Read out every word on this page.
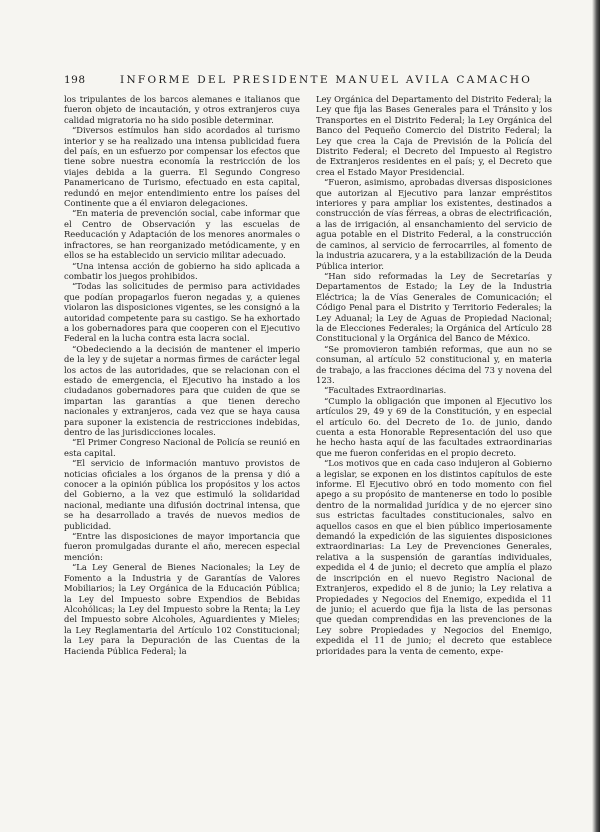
198	INFORME DEL PRESIDENTE MANUEL AVILA CAMACHO

los tripulantes de los barcos alemanes e italianos que fueron objeto de incautación, y otros extranjeros cuya calidad migratoria no ha sido posible determinar.

“Diversos estímulos han sido acordados al turismo interior y se ha realizado una intensa publicidad fuera del país, en un esfuerzo por compensar los efectos que tiene sobre nuestra economía la restricción de los viajes debida a la guerra. El Segundo Congreso Panamericano de Turismo, efectuado en esta capital, redundó en mejor entendimiento entre los países del Continente que a él enviaron delegaciones.

“En materia de prevención social, cabe informar que el Centro de Observación y las escuelas de Reeducación y Adaptación de los menores anormales o infractores, se han reorganizado metódicamente, y en ellos se ha establecido un servicio militar adecuado.

“Una intensa acción de gobierno ha sido aplicada a combatir los juegos prohibidos.

“Todas las solicitudes de permiso para actividades que podían propagarlos fueron negadas y, a quienes violaron las disposiciones vigentes, se les consignó a la autoridad competente para su castigo. Se ha exhortado a los gobernadores para que cooperen con el Ejecutivo Federal en la lucha contra esta lacra social.

“Obedeciendo a la decisión de mantener el imperio de la ley y de sujetar a normas firmes de carácter legal los actos de las autoridades, que se relacionan con el estado de emergencia, el Ejecutivo ha instado a los ciudadanos gobernadores para que cuiden de que se impartan las garantías a que tienen derecho nacionales y extranjeros, cada vez que se haya causa para suponer la existencia de restricciones indebidas, dentro de las jurisdicciones locales.

“El Primer Congreso Nacional de Policía se reunió en esta capital.

“El servicio de información mantuvo provistos de noticias oficiales a los órganos de la prensa y dió a conocer a la opinión pública los propósitos y los actos del Gobierno, a la vez que estimuló la solidaridad nacional, mediante una difusión doctrinal intensa, que se ha desarrollado a través de nuevos medios de publicidad.

“Entre las disposiciones de mayor importancia que fueron promulgadas durante el año, merecen especial mención:

“La Ley General de Bienes Nacionales; la Ley de Fomento a la Industria y de Garantías de Valores Mobiliarios; la Ley Orgánica de la Educación Pública; la Ley del Impuesto sobre Expendios de Bebidas Alcohólicas; la Ley del Impuesto sobre la Renta; la Ley del Impuesto sobre Alcoholes, Aguardientes y Mieles; la Ley Reglamentaria del Artículo 102 Constitucional; la Ley para la Depuración de las Cuentas de la Hacienda Pública Federal; la

Ley Orgánica del Departamento del Distrito Federal; la Ley que fija las Bases Generales para el Tránsito y los Transportes en el Distrito Federal; la Ley Orgánica del Banco del Pequeño Comercio del Distrito Federal; la Ley que crea la Caja de Previsión de la Policía del Distrito Federal; el Decreto del Impuesto al Registro de Extranjeros residentes en el país; y, el Decreto que crea el Estado Mayor Presidencial.

“Fueron, asimismo, aprobadas diversas disposiciones que autorizan al Ejecutivo para lanzar empréstitos interiores y para ampliar los existentes, destinados a construcción de vías férreas, a obras de electrificación, a las de irrigación, al ensanchamiento del servicio de agua potable en el Distrito Federal, a la construcción de caminos, al servicio de ferrocarriles, al fomento de la industria azucarera, y a la estabilización de la Deuda Pública interior.

“Han sido reformadas la Ley de Secretarías y Departamentos de Estado; la Ley de la Industria Eléctrica; la de Vías Generales de Comunicación; el Código Penal para el Distrito y Territorio Federales; la Ley Aduanal; la Ley de Aguas de Propiedad Nacional; la de Elecciones Federales; la Orgánica del Artículo 28 Constitucional y la Orgánica del Banco de México.

“Se promovieron también reformas, que aun no se consuman, al artículo 52 constitucional y, en materia de trabajo, a las fracciones décima del 73 y novena del 123.

“Facultades Extraordinarias.

“Cumplo la obligación que imponen al Ejecutivo los artículos 29, 49 y 69 de la Constitución, y en especial el artículo 6o. del Decreto de 1o. de junio, dando cuenta a esta Honorable Representación del uso que he hecho hasta aquí de las facultades extraordinarias que me fueron conferidas en el propio decreto.

“Los motivos que en cada caso indujeron al Gobierno a legislar, se exponen en los distintos capítulos de este informe. El Ejecutivo obró en todo momento con fiel apego a su propósito de mantenerse en todo lo posible dentro de la normalidad jurídica y de no ejercer sino sus estrictas facultades constitucionales, salvo en aquellos casos en que el bien público imperiosamente demandó la expedición de las siguientes disposiciones extraordinarias: La Ley de Prevenciones Generales, relativa a la suspensión de garantías individuales, expedida el 4 de junio; el decreto que amplía el plazo de inscripción en el nuevo Registro Nacional de Extranjeros, expedido el 8 de junio; la Ley relativa a Propiedades y Negocios del Enemigo, expedida el 11 de junio; el acuerdo que fija la lista de las personas que quedan comprendidas en las prevenciones de la Ley sobre Propiedades y Negocios del Enemigo, expedida el 11 de junio; el decreto que establece prioridades para la venta de cemento, expe-
